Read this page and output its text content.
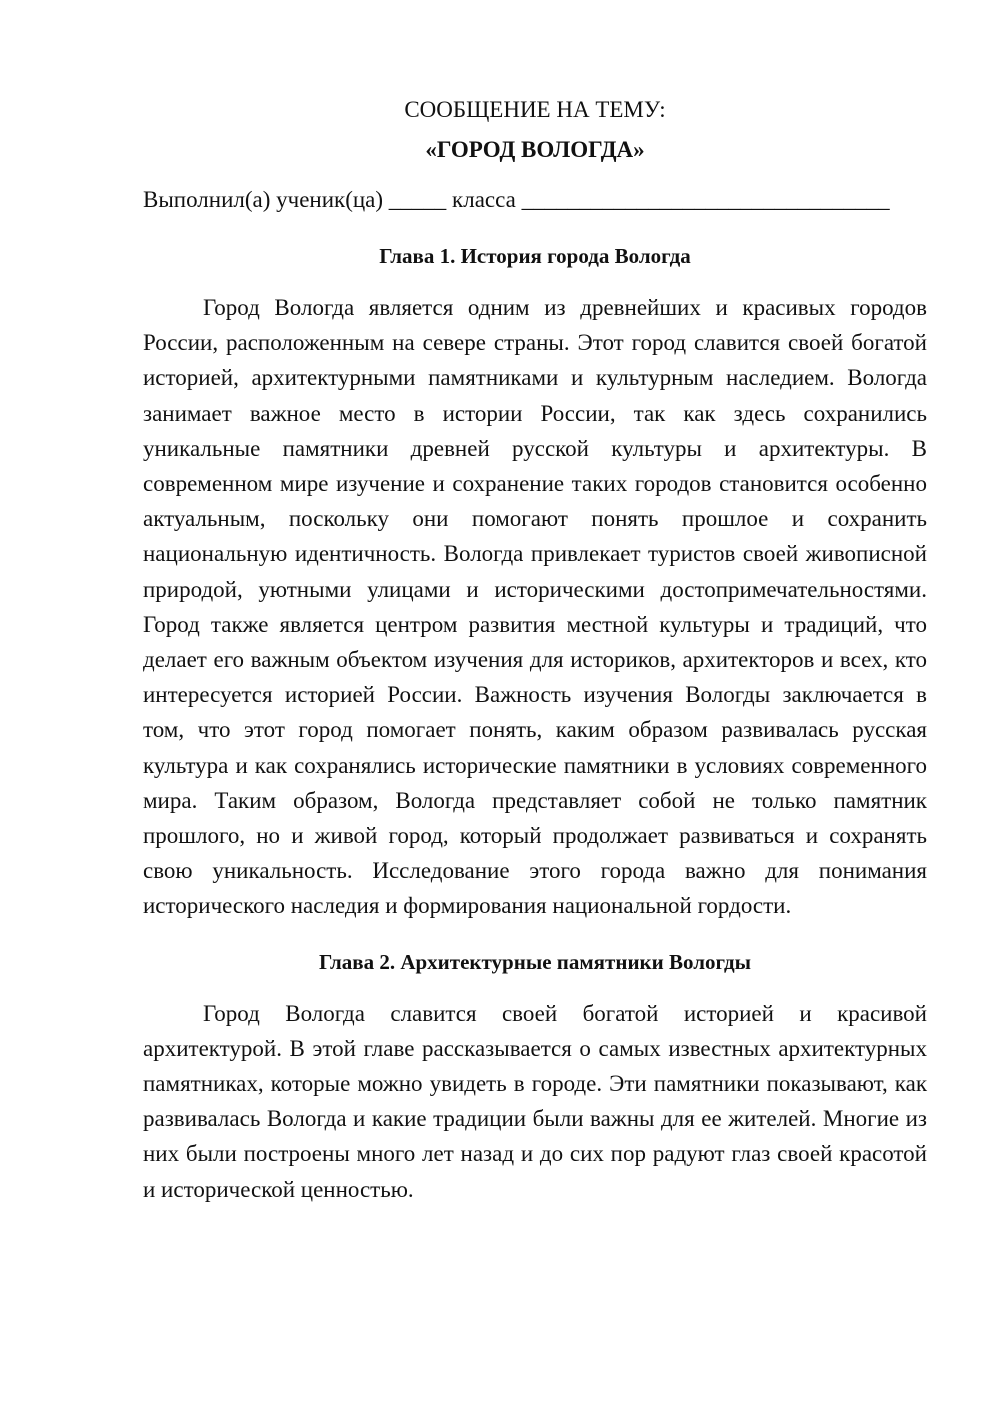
СООБЩЕНИЕ НА ТЕМУ:
«ГОРОД ВОЛОГДА»
Выполнил(а) ученик(ца) _____ класса ________________________________
Глава 1. История города Вологда

Город Вологда является одним из древнейших и красивых городов России, расположенным на севере страны. Этот город славится своей богатой историей, архитектурными памятниками и культурным наследием. Вологда занимает важное место в истории России, так как здесь сохранились уникальные памятники древней русской культуры и архитектуры. В современном мире изучение и сохранение таких городов становится особенно актуальным, поскольку они помогают понять прошлое и сохранить национальную идентичность. Вологда привлекает туристов своей живописной природой, уютными улицами и историческими достопримечательностями. Город также является центром развития местной культуры и традиций, что делает его важным объектом изучения для историков, архитекторов и всех, кто интересуется историей России. Важность изучения Вологды заключается в том, что этот город помогает понять, каким образом развивалась русская культура и как сохранялись исторические памятники в условиях современного мира. Таким образом, Вологда представляет собой не только памятник прошлого, но и живой город, который продолжает развиваться и сохранять свою уникальность. Исследование этого города важно для понимания исторического наследия и формирования национальной гордости.

Глава 2. Архитектурные памятники Вологды

Город Вологда славится своей богатой историей и красивой архитектурой. В этой главе рассказывается о самых известных архитектурных памятниках, которые можно увидеть в городе. Эти памятники показывают, как развивалась Вологда и какие традиции были важны для ее жителей. Многие из них были построены много лет назад и до сих пор радуют глаз своей красотой и исторической ценностью.
